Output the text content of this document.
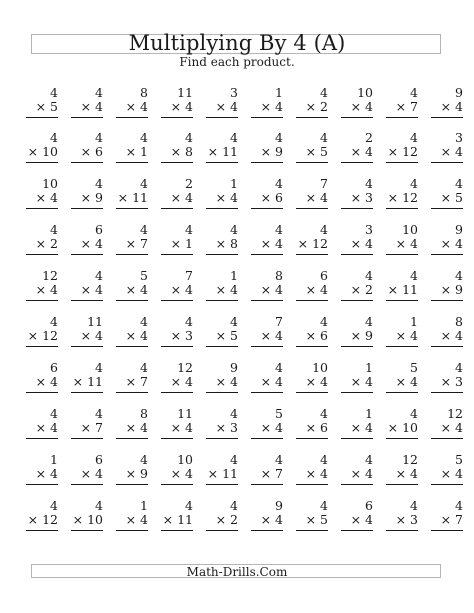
Multiplying By 4 (A)
Find each product.
4
× 5
4
× 4
8
× 4
11
× 4
3
× 4
1
× 4
4
× 2
10
× 4
4
× 7
9
× 4
4
× 10
4
× 6
4
× 1
4
× 8
4
× 11
4
× 9
4
× 5
2
× 4
4
× 12
3
× 4
10
× 4
4
× 9
4
× 11
2
× 4
1
× 4
4
× 6
7
× 4
4
× 3
4
× 12
4
× 5
4
× 2
6
× 4
4
× 7
4
× 1
4
× 8
4
× 4
4
× 12
3
× 4
10
× 4
9
× 4
12
× 4
4
× 4
5
× 4
7
× 4
1
× 4
8
× 4
6
× 4
4
× 2
4
× 11
4
× 9
4
× 12
11
× 4
4
× 4
4
× 3
4
× 5
7
× 4
4
× 6
4
× 9
1
× 4
8
× 4
6
× 4
4
× 11
4
× 7
12
× 4
9
× 4
4
× 4
10
× 4
1
× 4
5
× 4
4
× 3
4
× 4
4
× 7
8
× 4
11
× 4
4
× 3
5
× 4
4
× 6
1
× 4
4
× 10
12
× 4
1
× 4
6
× 4
4
× 9
10
× 4
4
× 11
4
× 7
4
× 4
4
× 4
12
× 4
5
× 4
4
× 12
4
× 10
1
× 4
4
× 11
4
× 2
9
× 4
4
× 5
6
× 4
4
× 3
4
× 7
Math-Drills.Com
